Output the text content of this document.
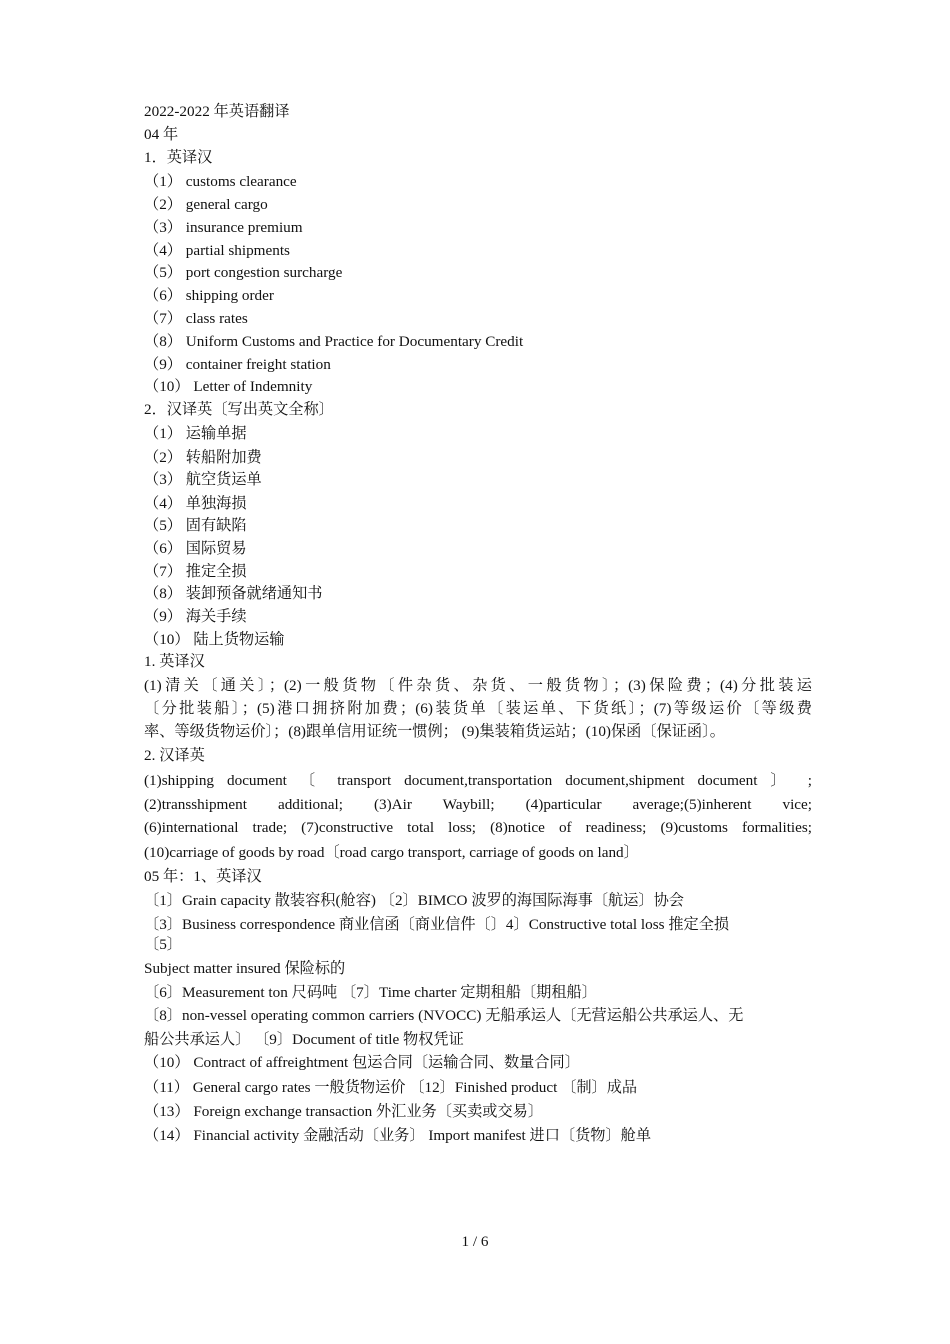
2022-2022 年英语翻译
04 年
1．英译汉
（1） customs clearance
（2） general cargo
（3） insurance premium
（4） partial shipments
（5） port congestion surcharge
（6） shipping order
（7） class rates
（8） Uniform Customs and Practice for Documentary Credit
（9） container freight station
（10） Letter of Indemnity
2．汉译英〔写出英文全称〕
（1） 运输单据
（2） 转船附加费
（3） 航空货运单
（4） 单独海损
（5） 固有缺陷
（6） 国际贸易
（7） 推定全损
（8） 装卸预备就绪通知书
（9） 海关手续
（10） 陆上货物运输
1. 英译汉
(1)清关〔通关〕；(2)一般货物〔件杂货、杂货、一般货物〕；(3)保险费；(4)分批装运
〔分批装船〕；(5)港口拥挤附加费；(6)装货单〔装运单、下货纸〕；(7)等级运价〔等级费
率、等级货物运价〕；(8)跟单信用证统一惯例； (9)集装箱货运站；(10)保函〔保证函〕。
2. 汉译英
(1)shipping document 〔 transport document,transportation document,shipment document 〕 ;
(2)transshipment additional; (3)Air Waybill; (4)particular average;(5)inherent vice;
(6)international trade; (7)constructive total loss; (8)notice of readiness; (9)customs formalities;
(10)carriage of goods by road〔road cargo transport, carriage of goods on land〕
05 年：1、英译汉
〔1〕Grain capacity 散装容积(舱容) 〔2〕BIMCO 波罗的海国际海事〔航运〕协会
〔3〕Business correspondence 商业信函〔商业信件〔〕4〕Constructive total loss 推定全损
〔5〕
Subject matter insured 保险标的
〔6〕Measurement ton 尺码吨 〔7〕Time charter 定期租船〔期租船〕
〔8〕non-vessel operating common carriers (NVOCC) 无船承运人〔无营运船公共承运人、无
船公共承运人〕 〔9〕Document of title 物权凭证
（10） Contract of affreightment 包运合同〔运输合同、数量合同〕
（11） General cargo rates 一般货物运价 〔12〕Finished product 〔制〕成品
（13） Foreign exchange transaction 外汇业务〔买卖或交易〕
（14） Financial activity 金融活动〔业务〕 Import manifest 进口〔货物〕舱单
1 / 6
